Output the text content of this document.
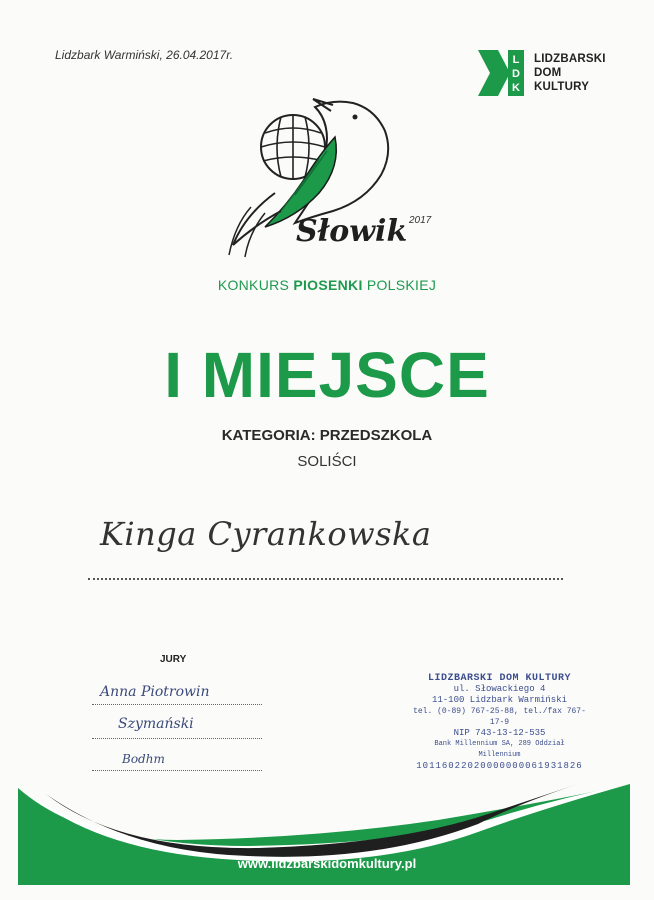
Lidzbark Warmiński, 26.04.2017r.	L
D
K
LIDZBARSKI
DOM
KULTURY
Słowik 2017
KONKURS PIOSENKI POLSKIEJ
I MIEJSCE
KATEGORIA: PRZEDSZKOLA
SOLIŚCI
Kinga Cyrankowska
JURY
Anna Piotrowin
Szymański
Bodhm
LIDZBARSKI DOM KULTURY
ul. Słowackiego 4
11-100 Lidzbark Warmiński
tel. (0-89) 767-25-88, tel./fax 767-17-9
NIP 743-13-12-535
Bank Millennium SA, 289 Oddział Millennium
10116022020000000061931826
www.lidzbarskidomkultury.pl
